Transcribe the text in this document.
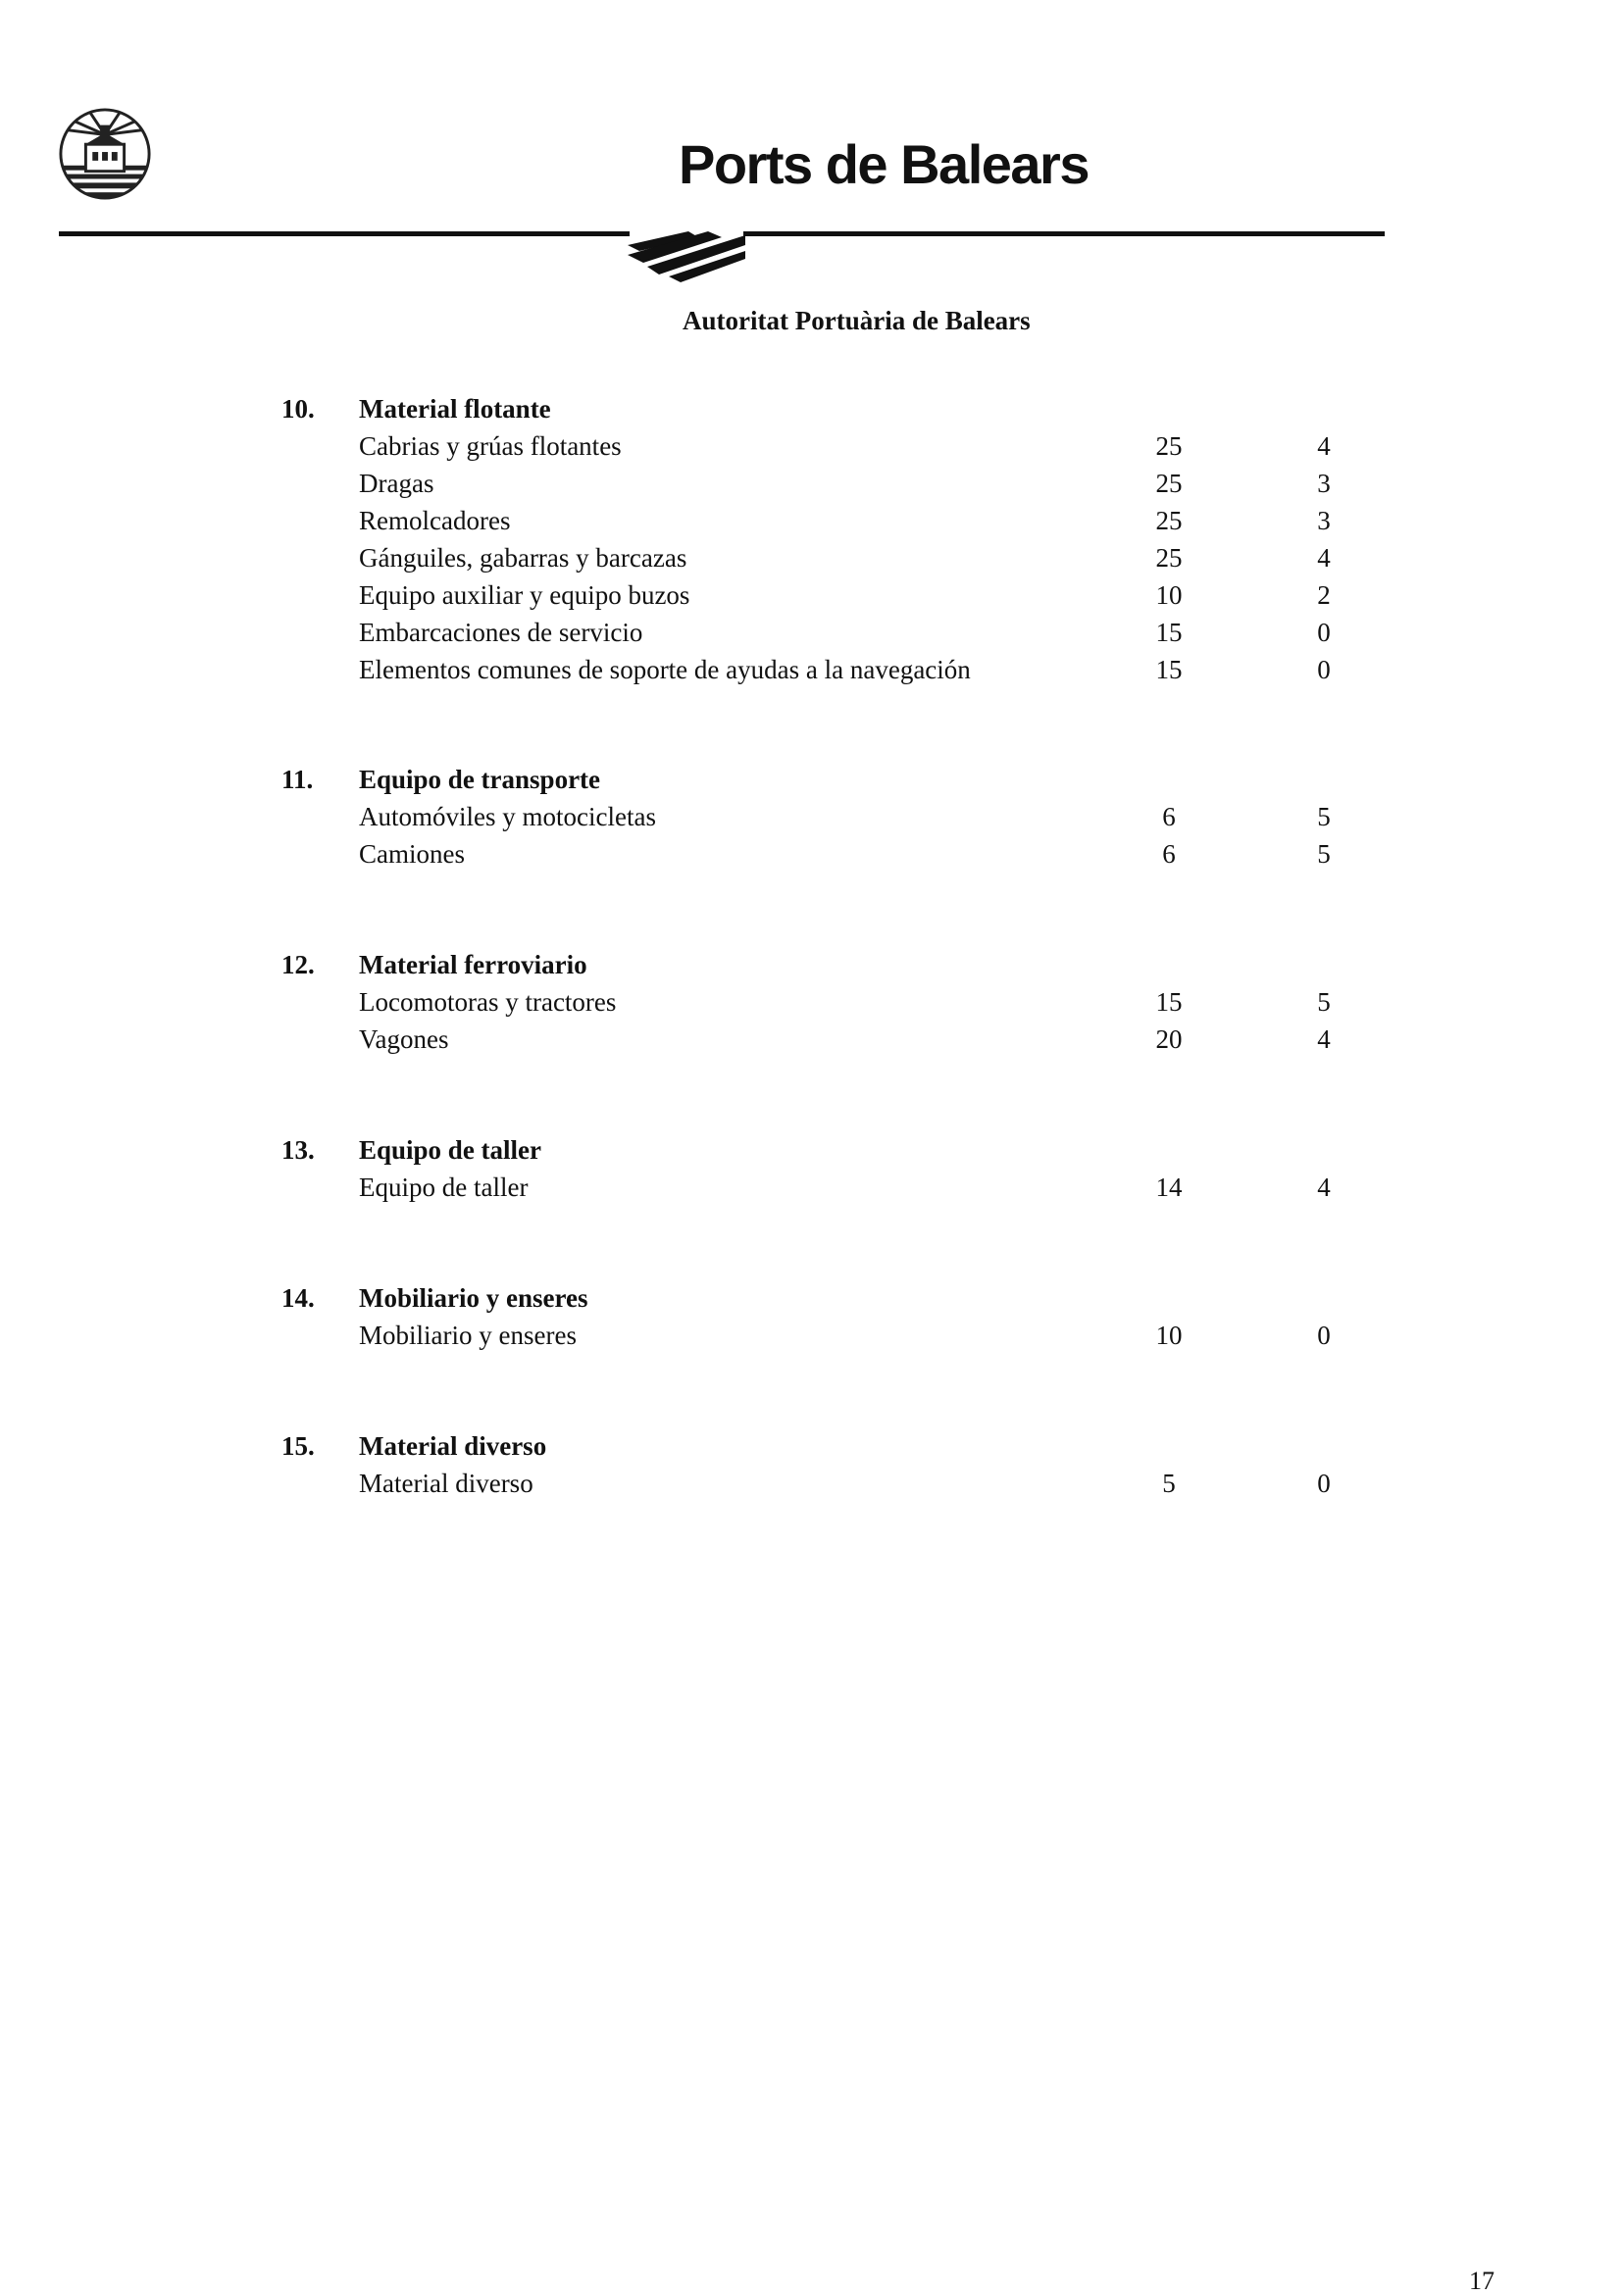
Ports de Balears
Autoritat Portuària de Balears
10. Material flotante
Cabrias y grúas flotantes	25	4
Dragas	25	3
Remolcadores	25	3
Gánguiles, gabarras y barcazas	25	4
Equipo auxiliar y equipo buzos	10	2
Embarcaciones de servicio	15	0
Elementos comunes de soporte de ayudas a la navegación	15	0
11. Equipo de transporte
Automóviles y motocicletas	6	5
Camiones	6	5
12. Material ferroviario
Locomotoras y tractores	15	5
Vagones	20	4
13. Equipo de taller
Equipo de taller	14	4
14. Mobiliario y enseres
Mobiliario y enseres	10	0
15. Material diverso
Material diverso	5	0
17
